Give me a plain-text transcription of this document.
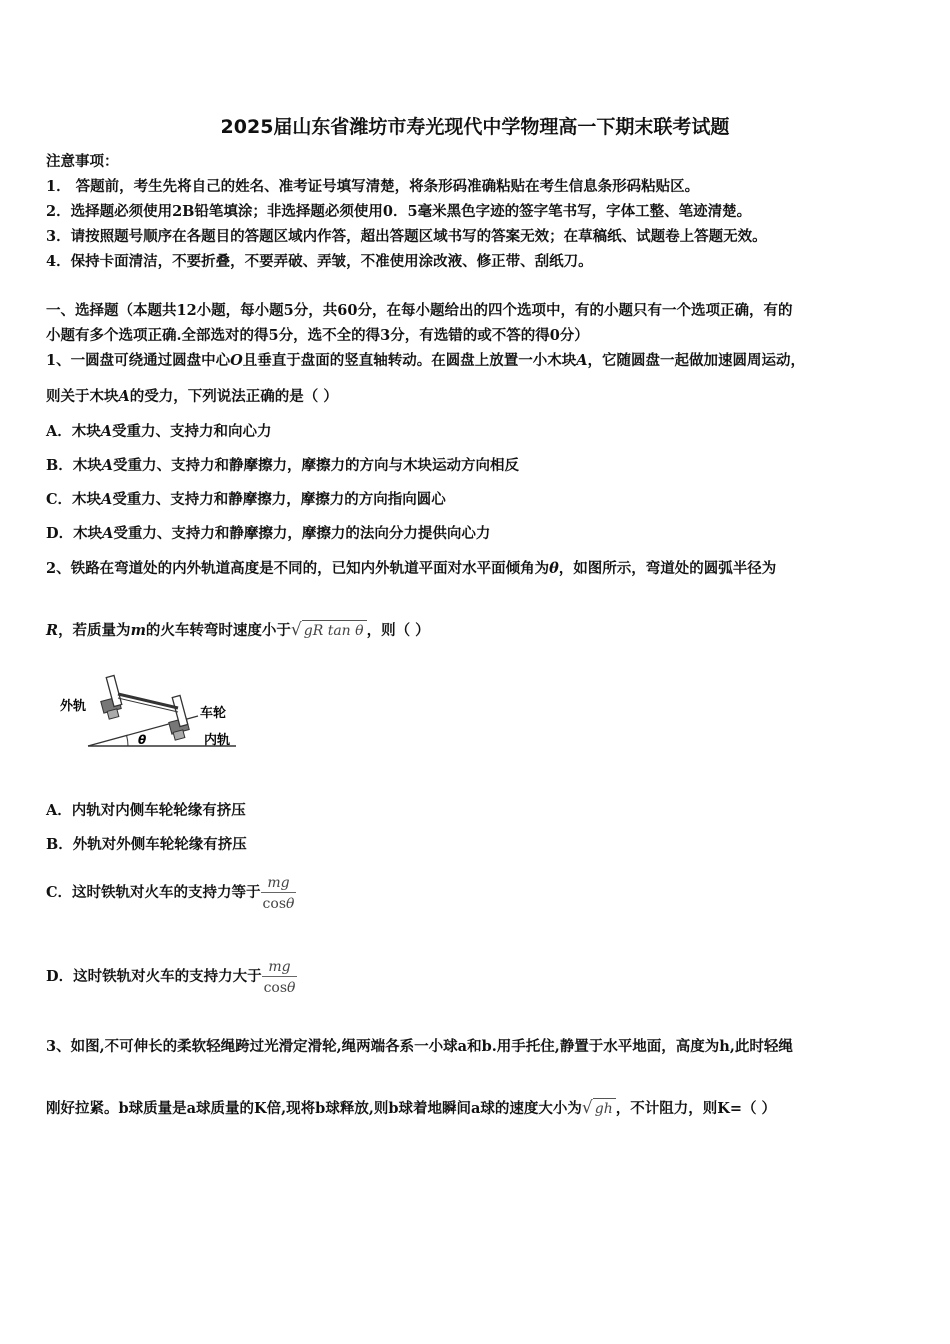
2025届山东省潍坊市寿光现代中学物理高一下期末联考试题
注意事项：
1． 答题前，考生先将自己的姓名、准考证号填写清楚，将条形码准确粘贴在考生信息条形码粘贴区。
2．选择题必须使用2B铅笔填涂；非选择题必须使用0．5毫米黑色字迹的签字笔书写，字体工整、笔迹清楚。
3．请按照题号顺序在各题目的答题区域内作答，超出答题区域书写的答案无效；在草稿纸、试题卷上答题无效。
4．保持卡面清洁，不要折叠，不要弄破、弄皱，不准使用涂改液、修正带、刮纸刀。
一、选择题（本题共12小题，每小题5分，共60分，在每小题给出的四个选项中，有的小题只有一个选项正确，有的
小题有多个选项正确.全部选对的得5分，选不全的得3分，有选错的或不答的得0分）
1、一圆盘可绕通过圆盘中心O且垂直于盘面的竖直轴转动。在圆盘上放置一小木块A，它随圆盘一起做加速圆周运动，
则关于木块A的受力，下列说法正确的是（ ）
A．木块A受重力、支持力和向心力
B．木块A受重力、支持力和静摩擦力，摩擦力的方向与木块运动方向相反
C．木块A受重力、支持力和静摩擦力，摩擦力的方向指向圆心
D．木块A受重力、支持力和静摩擦力，摩擦力的法向分力提供向心力
2、铁路在弯道处的内外轨道高度是不同的，已知内外轨道平面对水平面倾角为θ，如图所示，弯道处的圆弧半径为
R，若质量为m的火车转弯时速度小于√ gR tan θ ，则（ ）
θ
外轨	车轮
内轨
A．内轨对内侧车轮轮缘有挤压
B．外轨对外侧车轮轮缘有挤压
C．这时铁轨对火车的支持力等于 $\frac{mg}{\cos\theta}$
D．这时铁轨对火车的支持力大于 $\frac{mg}{\cos\theta}$
3、如图,不可伸长的柔软轻绳跨过光滑定滑轮,绳两端各系一小球a和b.用手托住,静置于水平地面，高度为h,此时轻绳
刚好拉紧。b球质量是a球质量的K倍,现将b球释放,则b球着地瞬间a球的速度大小为√ gh ，不计阻力，则K=（ ）
